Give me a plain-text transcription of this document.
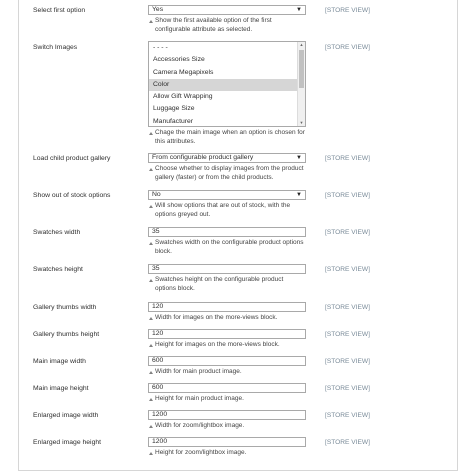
Select first option	Yes	▼
Show the first available option of the first configurable attribute as selected.
[STORE VIEW]
Switch Images	- - - -
Accessories Size
Camera Megapixels
Color
Allow Gift Wrapping
Luggage Size
Manufacturer
▲
▼
Chage the main image when an option is chosen for this attributes.
[STORE VIEW]
Load child product gallery	From configurable product gallery	▼
Choose whether to display images from the product gallery (faster) or from the child products.
[STORE VIEW]
Show out of stock options	No	▼
Will show options that are out of stock, with the options greyed out.
[STORE VIEW]
Swatches width	35
Swatches width on the configurable product options block.
[STORE VIEW]
Swatches height	35
Swatches height on the configurable product options block.
[STORE VIEW]
Gallery thumbs width	120
Width for images on the more-views block.
[STORE VIEW]
Gallery thumbs height	120
Height for images on the more-views block.
[STORE VIEW]
Main image width	600
Width for main product image.
[STORE VIEW]
Main image height	600
Height for main product image.
[STORE VIEW]
Enlarged image width	1200
Width for zoom/lightbox image.
[STORE VIEW]
Enlarged image height	1200
Height for zoom/lightbox image.
[STORE VIEW]
